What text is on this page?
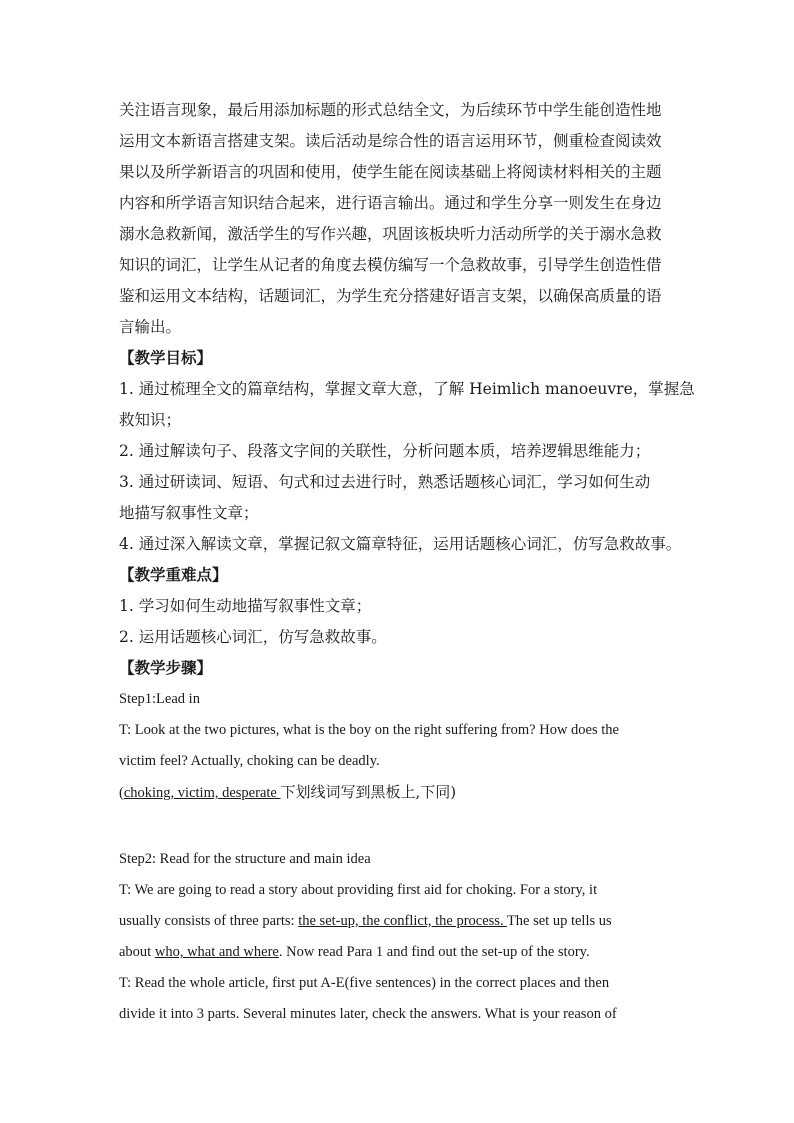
关注语言现象，最后用添加标题的形式总结全文，为后续环节中学生能创造性地
运用文本新语言搭建支架。读后活动是综合性的语言运用环节，侧重检查阅读效
果以及所学新语言的巩固和使用，使学生能在阅读基础上将阅读材料相关的主题
内容和所学语言知识结合起来，进行语言输出。通过和学生分享一则发生在身边
溺水急救新闻，激活学生的写作兴趣，巩固该板块听力活动所学的关于溺水急救
知识的词汇，让学生从记者的角度去模仿编写一个急救故事，引导学生创造性借
鉴和运用文本结构，话题词汇，为学生充分搭建好语言支架，以确保高质量的语
言输出。
【教学目标】
1. 通过梳理全文的篇章结构，掌握文章大意，了解 Heimlich manoeuvre，掌握急
救知识；
2. 通过解读句子、段落文字间的关联性，分析问题本质，培养逻辑思维能力；
3. 通过研读词、短语、句式和过去进行时，熟悉话题核心词汇，学习如何生动
地描写叙事性文章；
4. 通过深入解读文章，掌握记叙文篇章特征，运用话题核心词汇，仿写急救故事。
【教学重难点】
1. 学习如何生动地描写叙事性文章；
2. 运用话题核心词汇，仿写急救故事。
【教学步骤】
Step1:Lead in
T: Look at the two pictures, what is the boy on the right suffering from? How does the
victim feel? Actually, choking can be deadly.
(choking, victim, desperate 下划线词写到黑板上,下同)
Step2: Read for the structure and main idea
T: We are going to read a story about providing first aid for choking. For a story, it
usually consists of three parts: the set-up, the conflict, the process. The set up tells us
about who, what and where. Now read Para 1 and find out the set-up of the story.
T: Read the whole article, first put A-E(five sentences) in the correct places and then
divide it into 3 parts. Several minutes later, check the answers. What is your reason of
